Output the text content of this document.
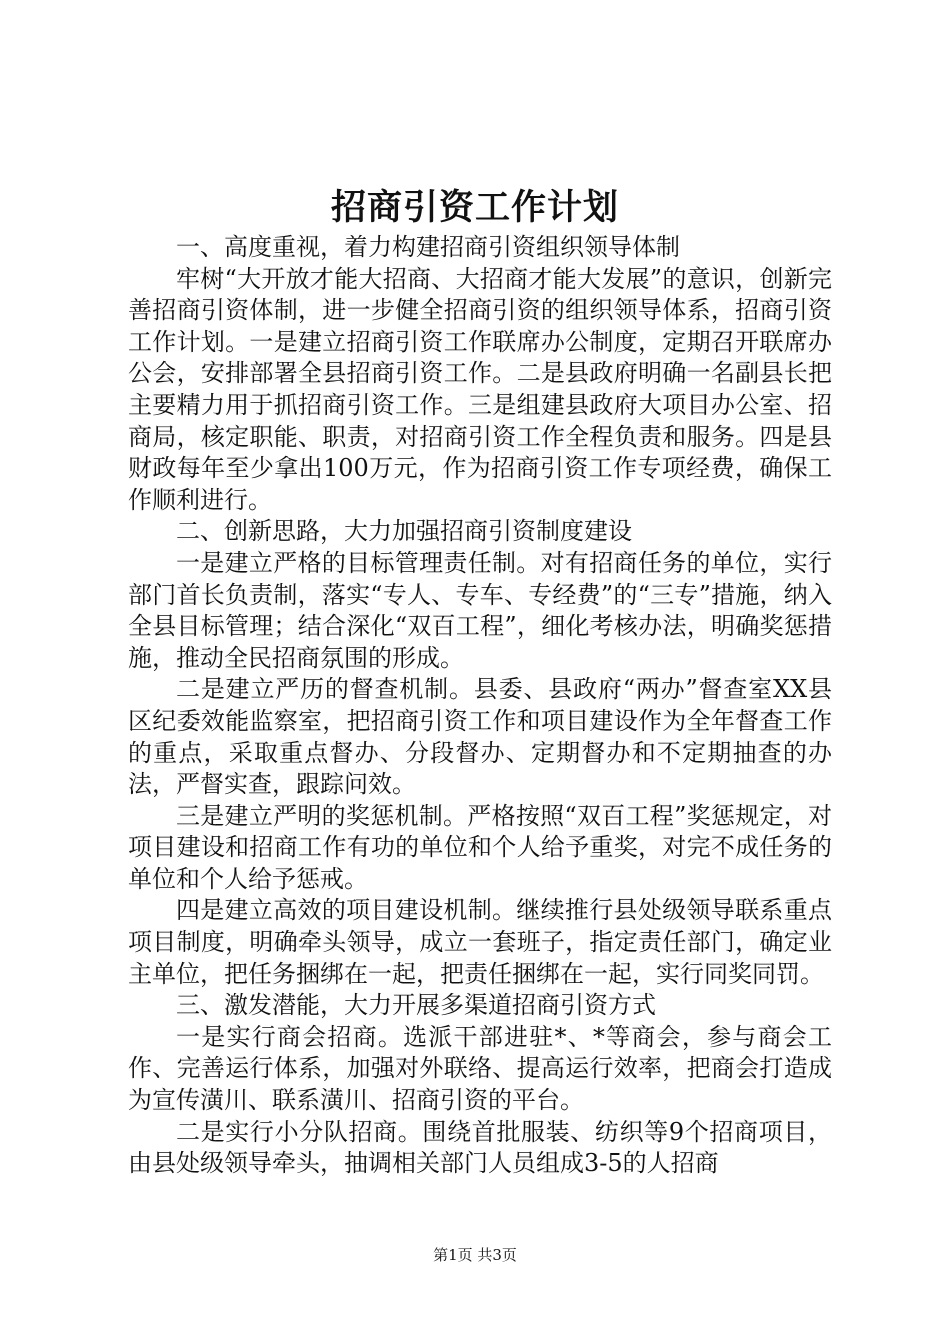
招商引资工作计划

一、高度重视，着力构建招商引资组织领导体制

牢树“大开放才能大招商、大招商才能大发展”的意识，创新完善招商引资体制，进一步健全招商引资的组织领导体系，招商引资工作计划。一是建立招商引资工作联席办公制度，定期召开联席办公会，安排部署全县招商引资工作。二是县政府明确一名副县长把主要精力用于抓招商引资工作。三是组建县政府大项目办公室、招商局，核定职能、职责，对招商引资工作全程负责和服务。四是县财政每年至少拿出100万元，作为招商引资工作专项经费，确保工作顺利进行。

二、创新思路，大力加强招商引资制度建设

一是建立严格的目标管理责任制。对有招商任务的单位，实行部门首长负责制，落实“专人、专车、专经费”的“三专”措施，纳入全县目标管理；结合深化“双百工程”，细化考核办法，明确奖惩措施，推动全民招商氛围的形成。

二是建立严历的督查机制。县委、县政府“两办”督查室XX县区纪委效能监察室，把招商引资工作和项目建设作为全年督查工作的重点，采取重点督办、分段督办、定期督办和不定期抽查的办法，严督实查，跟踪问效。

三是建立严明的奖惩机制。严格按照“双百工程”奖惩规定，对项目建设和招商工作有功的单位和个人给予重奖，对完不成任务的单位和个人给予惩戒。

四是建立高效的项目建设机制。继续推行县处级领导联系重点项目制度，明确牵头领导，成立一套班子，指定责任部门，确定业主单位，把任务捆绑在一起，把责任捆绑在一起，实行同奖同罚。

三、激发潜能，大力开展多渠道招商引资方式

一是实行商会招商。选派干部进驻*、*等商会，参与商会工作、完善运行体系，加强对外联络、提高运行效率，把商会打造成为宣传潢川、联系潢川、招商引资的平台。

二是实行小分队招商。围绕首批服装、纺织等9个招商项目，由县处级领导牵头，抽调相关部门人员组成3-5的人招商

第1页 共3页
